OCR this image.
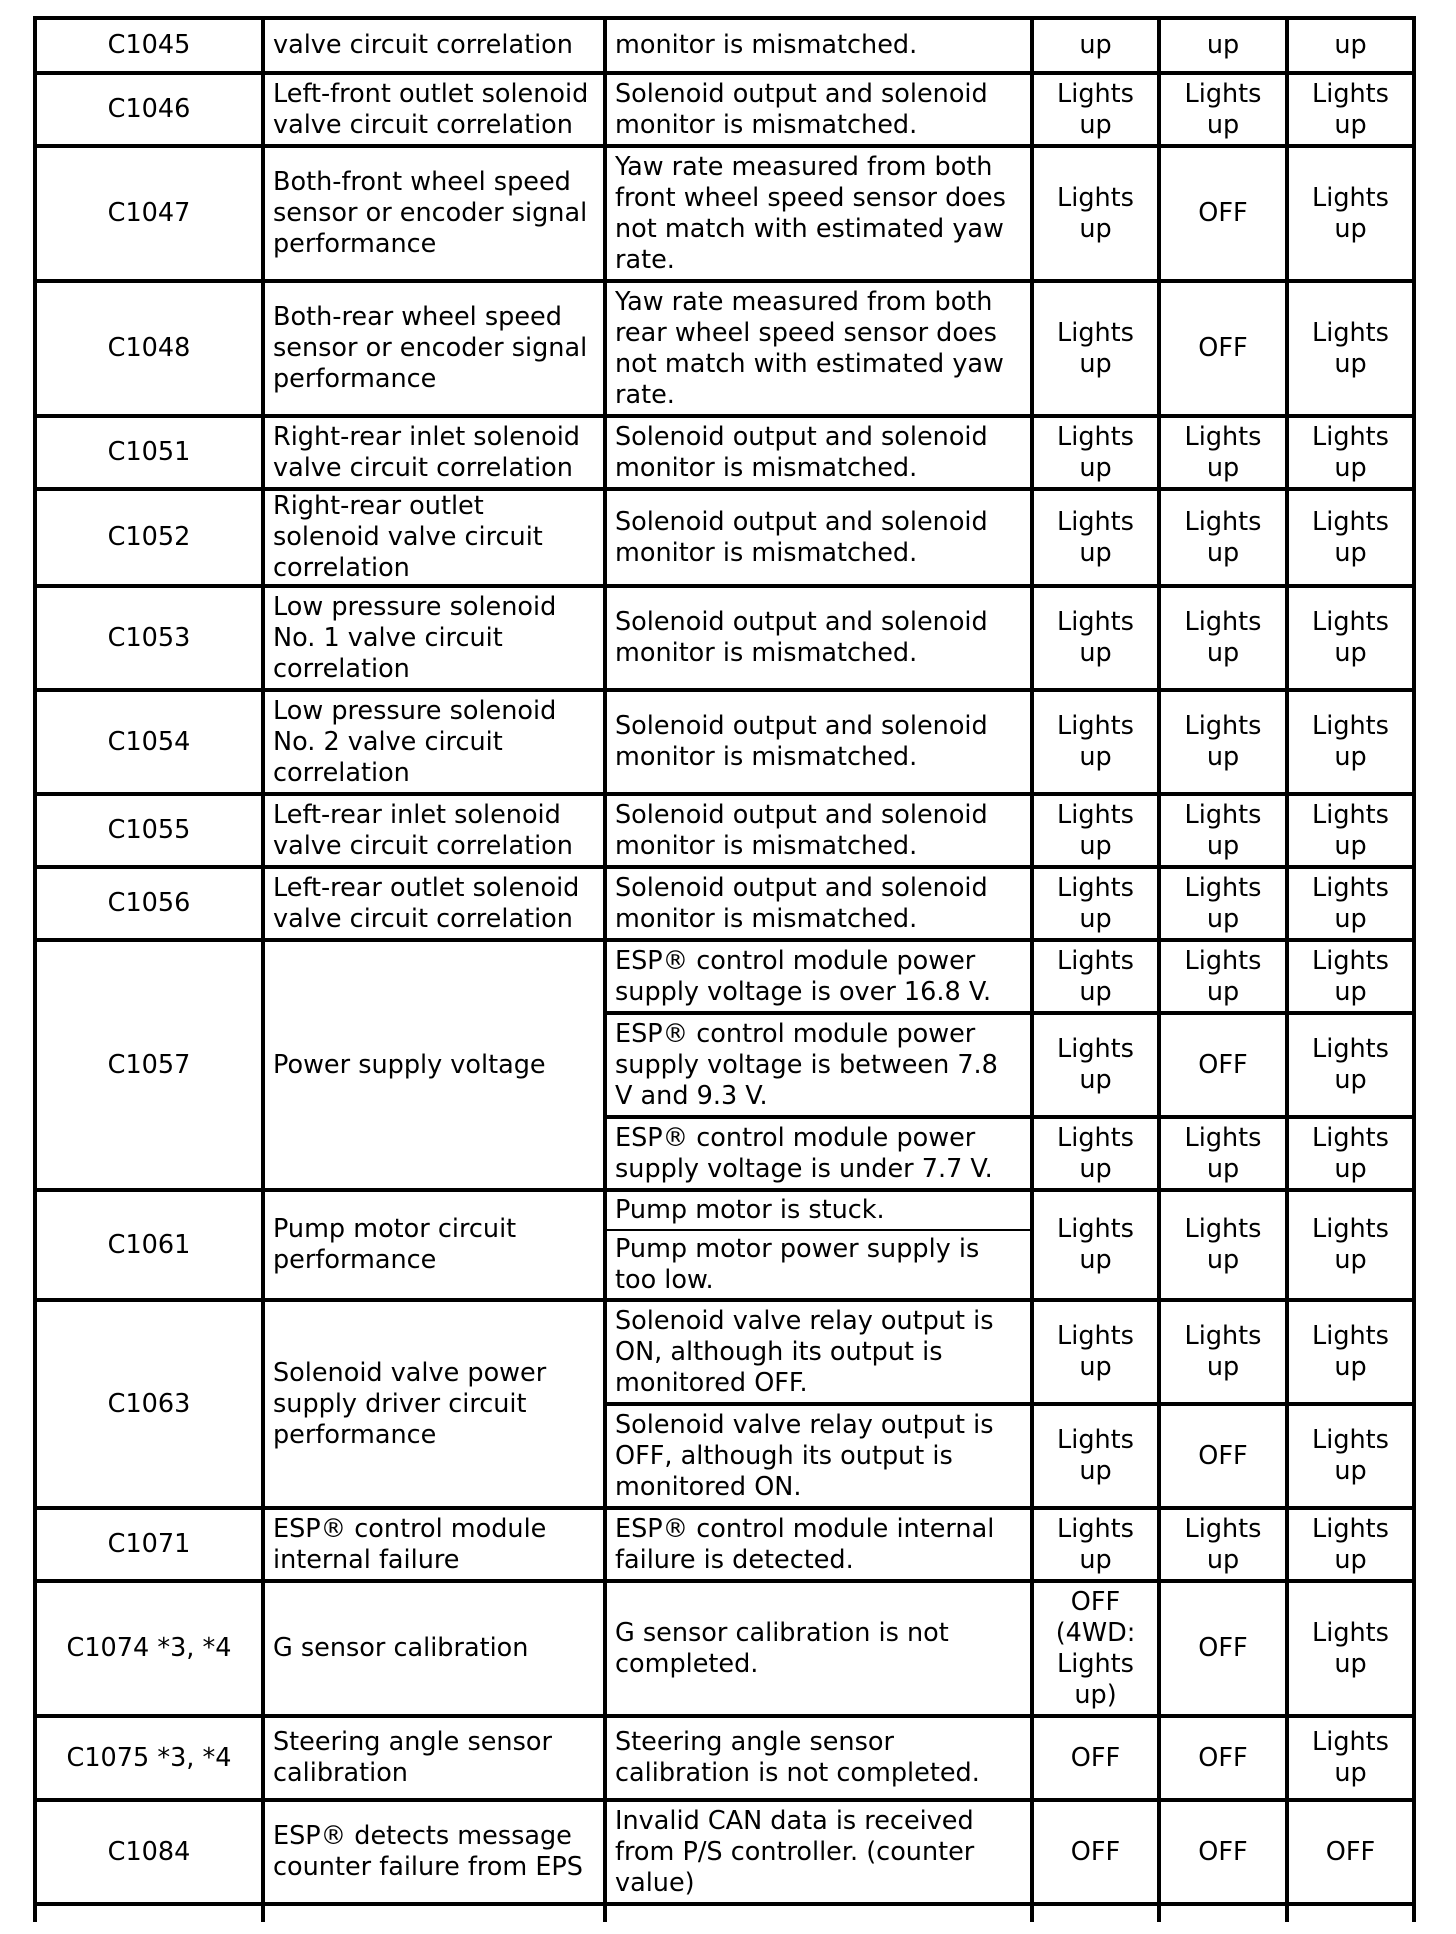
C1045	valve circuit correlation	monitor is mismatched.	up	up	up
C1046	Left-front outlet solenoid valve circuit correlation	Solenoid output and solenoid monitor is mismatched.	Lights up	Lights up	Lights up
C1047	Both-front wheel speed sensor or encoder signal performance	Yaw rate measured from both front wheel speed sensor does not match with estimated yaw rate.	Lights up	OFF	Lights up
C1048	Both-rear wheel speed sensor or encoder signal performance	Yaw rate measured from both rear wheel speed sensor does not match with estimated yaw rate.	Lights up	OFF	Lights up
C1051	Right-rear inlet solenoid valve circuit correlation	Solenoid output and solenoid monitor is mismatched.	Lights up	Lights up	Lights up
C1052	Right-rear outlet solenoid valve circuit correlation	Solenoid output and solenoid monitor is mismatched.	Lights up	Lights up	Lights up
C1053	Low pressure solenoid No. 1 valve circuit correlation	Solenoid output and solenoid monitor is mismatched.	Lights up	Lights up	Lights up
C1054	Low pressure solenoid No. 2 valve circuit correlation	Solenoid output and solenoid monitor is mismatched.	Lights up	Lights up	Lights up
C1055	Left-rear inlet solenoid valve circuit correlation	Solenoid output and solenoid monitor is mismatched.	Lights up	Lights up	Lights up
C1056	Left-rear outlet solenoid valve circuit correlation	Solenoid output and solenoid monitor is mismatched.	Lights up	Lights up	Lights up
C1057	Power supply voltage	ESP® control module power supply voltage is over 16.8 V.	Lights up	Lights up	Lights up
		ESP® control module power supply voltage is between 7.8 V and 9.3 V.	Lights up	OFF	Lights up
		ESP® control module power supply voltage is under 7.7 V.	Lights up	Lights up	Lights up
C1061	Pump motor circuit performance	Pump motor is stuck.	Lights up	Lights up	Lights up
		Pump motor power supply is too low.			
C1063	Solenoid valve power supply driver circuit performance	Solenoid valve relay output is ON, although its output is monitored OFF.	Lights up	Lights up	Lights up
		Solenoid valve relay output is OFF, although its output is monitored ON.	Lights up	OFF	Lights up
C1071	ESP® control module internal failure	ESP® control module internal failure is detected.	Lights up	Lights up	Lights up
C1074 *3, *4	G sensor calibration	G sensor calibration is not completed.	OFF (4WD: Lights up)	OFF	Lights up
C1075 *3, *4	Steering angle sensor calibration	Steering angle sensor calibration is not completed.	OFF	OFF	Lights up
C1084	ESP® detects message counter failure from EPS	Invalid CAN data is received from P/S controller. (counter value)	OFF	OFF	OFF
